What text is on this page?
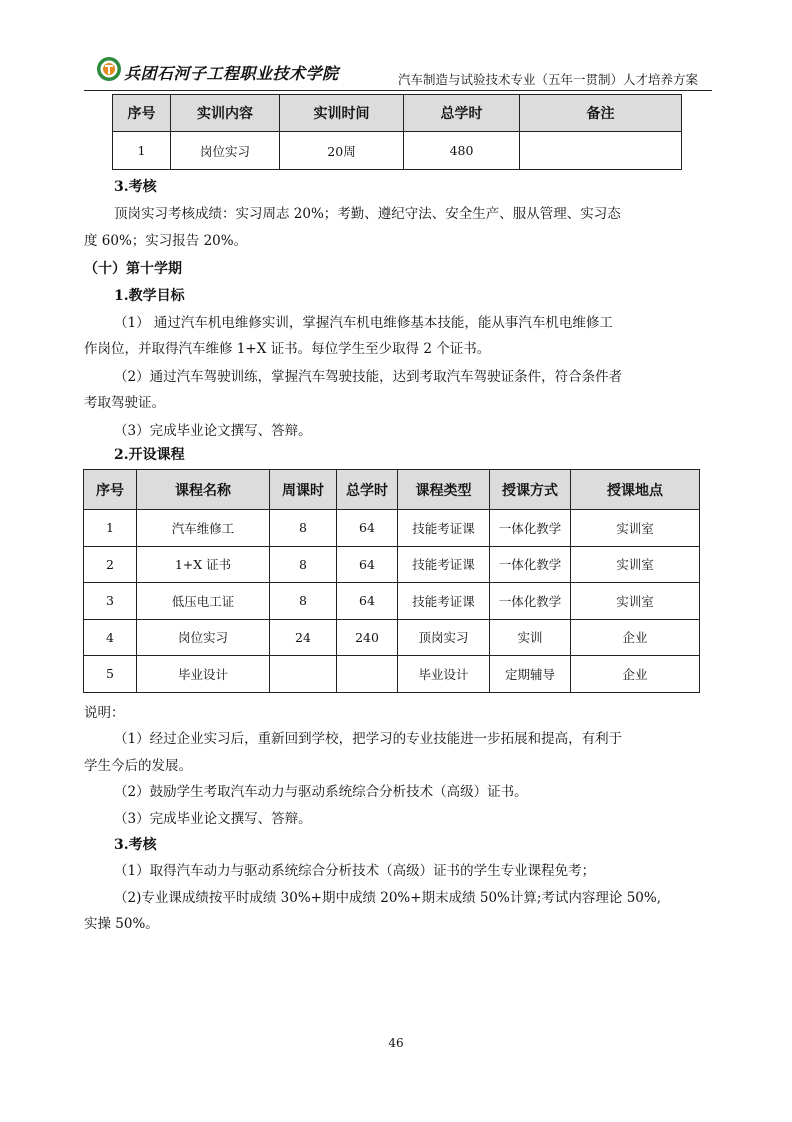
兵团石河子工程职业技术学院	汽车制造与试验技术专业（五年一贯制）人才培养方案
序号	实训内容	实训时间	总学时	备注
1	岗位实习	20周	480	
3.考核
顶岗实习考核成绩：实习周志 20%；考勤、遵纪守法、安全生产、服从管理、实习态
度 60%；实习报告 20%。
（十）第十学期
1.教学目标
（1） 通过汽车机电维修实训，掌握汽车机电维修基本技能，能从事汽车机电维修工
作岗位，并取得汽车维修 1+X 证书。每位学生至少取得 2 个证书。
（2）通过汽车驾驶训练，掌握汽车驾驶技能，达到考取汽车驾驶证条件，符合条件者
考取驾驶证。
（3）完成毕业论文撰写、答辩。
2.开设课程
序号	课程名称	周课时	总学时	课程类型	授课方式	授课地点
1	汽车维修工	8	64	技能考证课	一体化教学	实训室
2	1+X 证书	8	64	技能考证课	一体化教学	实训室
3	低压电工证	8	64	技能考证课	一体化教学	实训室
4	岗位实习	24	240	顶岗实习	实训	企业
5	毕业设计			毕业设计	定期辅导	企业
说明：
（1）经过企业实习后，重新回到学校，把学习的专业技能进一步拓展和提高，有利于
学生今后的发展。
（2）鼓励学生考取汽车动力与驱动系统综合分析技术（高级）证书。
（3）完成毕业论文撰写、答辩。
3.考核
（1）取得汽车动力与驱动系统综合分析技术（高级）证书的学生专业课程免考；
（2)专业课成绩按平时成绩 30%+期中成绩 20%+期末成绩 50%计算;考试内容理论 50%,
实操 50%。
46
